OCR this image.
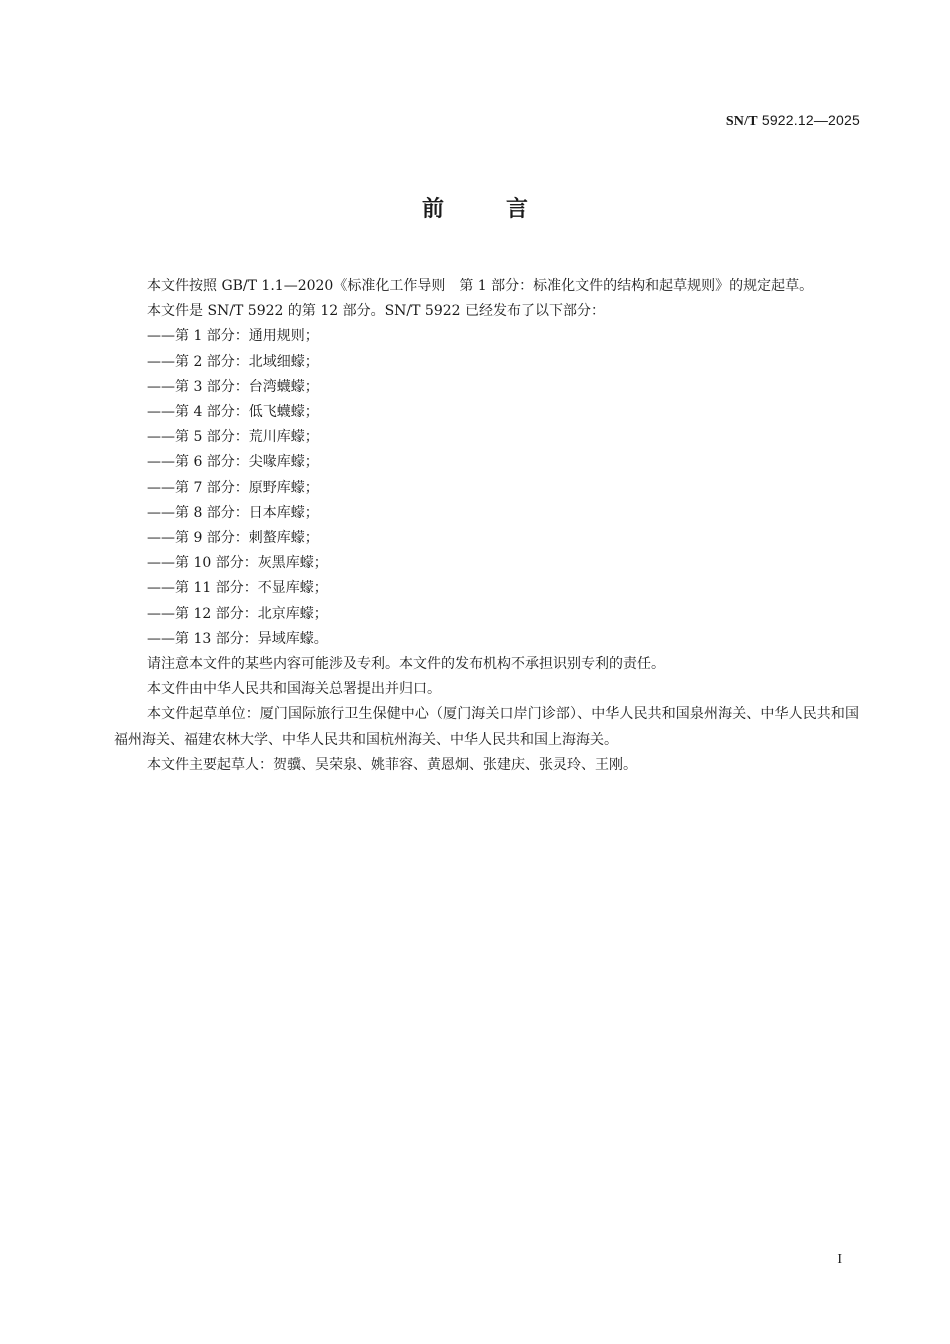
SN/T 5922.12—2025
前言

本文件按照 GB/T 1.1—2020《标准化工作导则　第 1 部分：标准化文件的结构和起草规则》的规定起草。

本文件是 SN/T 5922 的第 12 部分。SN/T 5922 已经发布了以下部分：

——第 1 部分：通用规则；
——第 2 部分：北域细蠓；
——第 3 部分：台湾蠛蠓；
——第 4 部分：低飞蠛蠓；
——第 5 部分：荒川库蠓；
——第 6 部分：尖喙库蠓；
——第 7 部分：原野库蠓；
——第 8 部分：日本库蠓；
——第 9 部分：刺螯库蠓；
——第 10 部分：灰黑库蠓；
——第 11 部分：不显库蠓；
——第 12 部分：北京库蠓；
——第 13 部分：异域库蠓。

请注意本文件的某些内容可能涉及专利。本文件的发布机构不承担识别专利的责任。

本文件由中华人民共和国海关总署提出并归口。

本文件起草单位：厦门国际旅行卫生保健中心（厦门海关口岸门诊部）、中华人民共和国泉州海关、中华人民共和国福州海关、福建农林大学、中华人民共和国杭州海关、中华人民共和国上海海关。

本文件主要起草人：贺骥、吴荣泉、姚菲容、黄恩炯、张建庆、张灵玲、王刚。

I
